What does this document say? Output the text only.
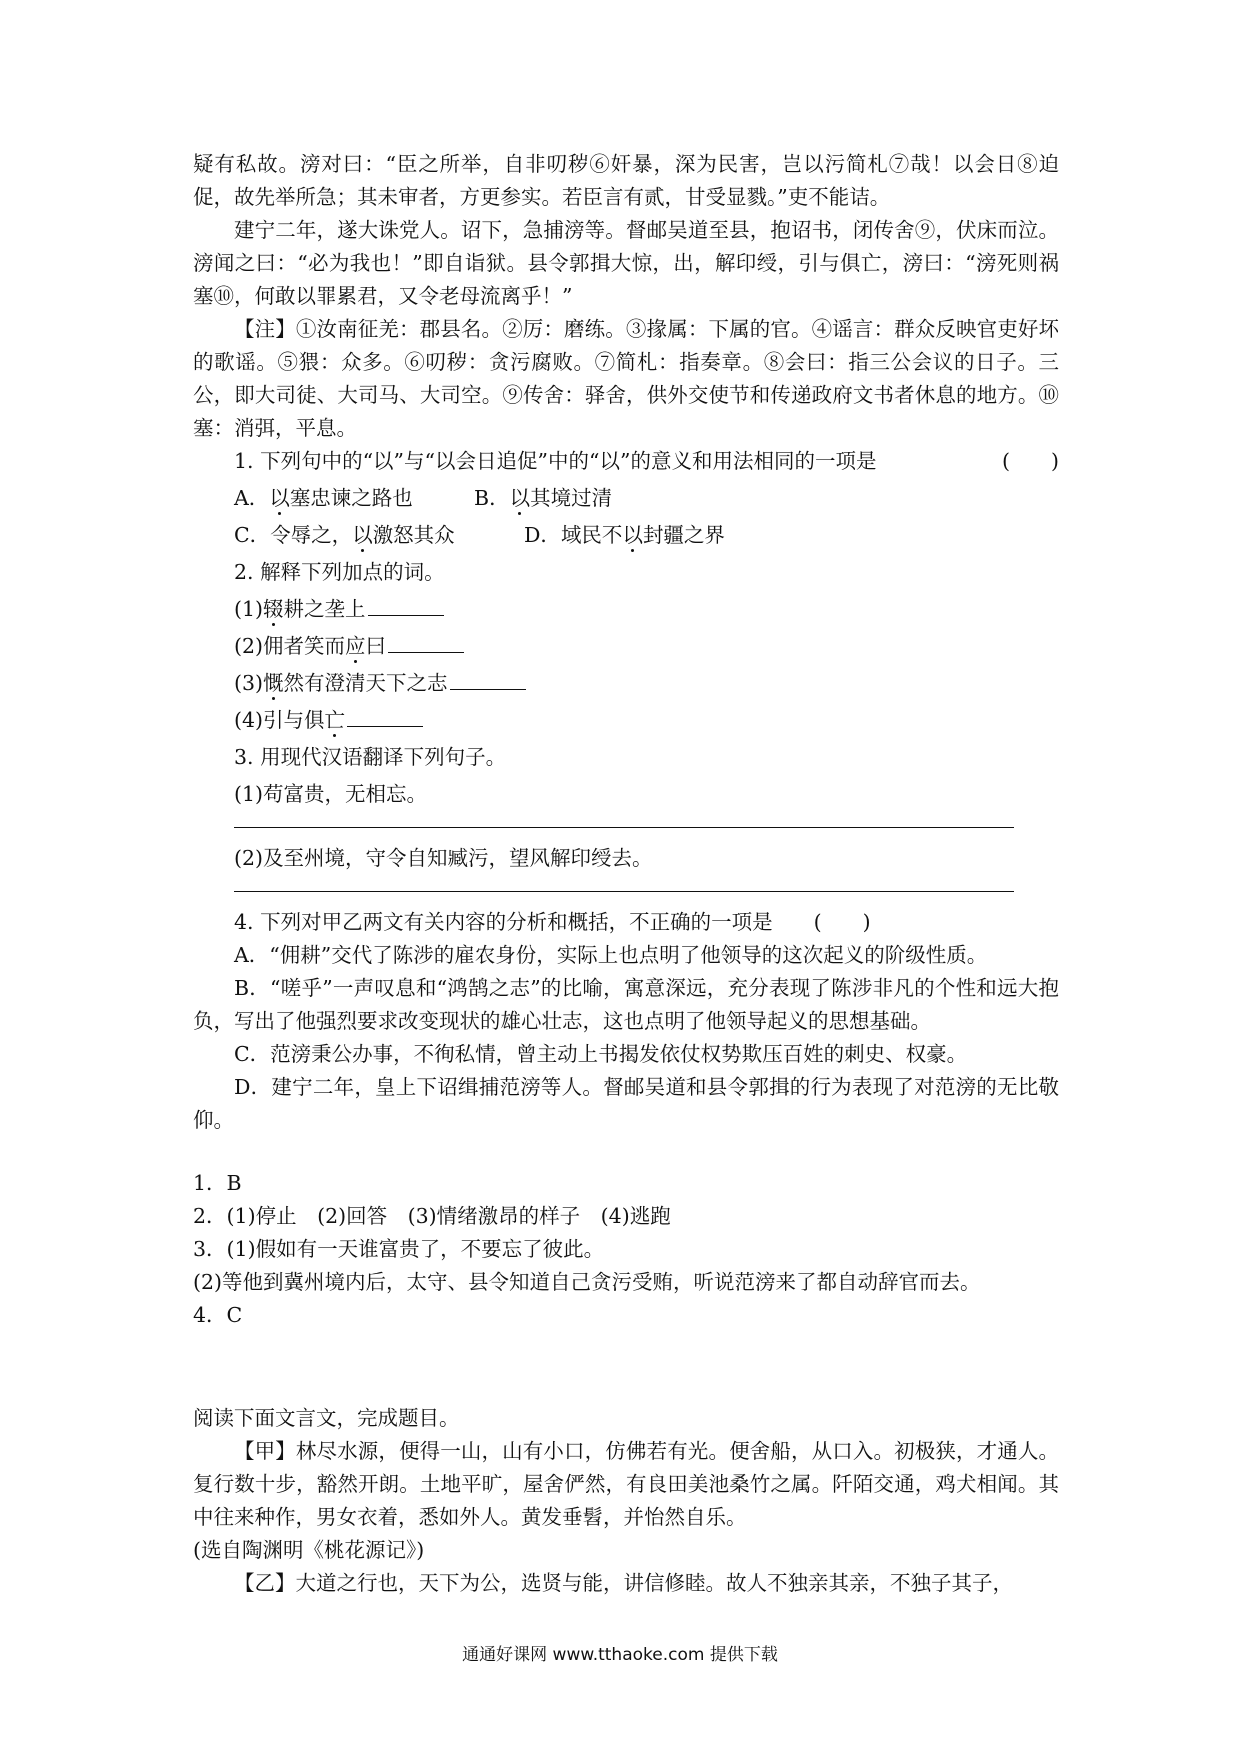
疑有私故。滂对曰：“臣之所举，自非叨秽⑥奸暴，深为民害，岂以污简札⑦哉！以会日⑧迫促，故先举所急；其未审者，方更参实。若臣言有贰，甘受显戮。”吏不能诘。

建宁二年，遂大诛党人。诏下，急捕滂等。督邮吴道至县，抱诏书，闭传舍⑨，伏床而泣。滂闻之曰：“必为我也！”即自诣狱。县令郭揖大惊，出，解印绶，引与俱亡，滂曰：“滂死则祸塞⑩，何敢以罪累君，又令老母流离乎！”

【注】①汝南征羌：郡县名。②厉：磨练。③掾属：下属的官。④谣言：群众反映官吏好坏的歌谣。⑤猥：众多。⑥叨秽：贪污腐败。⑦简札：指奏章。⑧会曰：指三公会议的日子。三公，即大司徒、大司马、大司空。⑨传舍：驿舍，供外交使节和传递政府文书者休息的地方。⑩塞：消弭，平息。

(　　)
1. 下列句中的“以”与“以会日追促”中的“以”的意义和用法相同的一项是

A．以塞忠谏之路也	B．以其境过清
C．令辱之，以激怒其众	D．域民不以封疆之界

2. 解释下列加点的词。

(1)辍耕之垄上

(2)佣者笑而应曰

(3)慨然有澄清天下之志

(4)引与俱亡

3. 用现代汉语翻译下列句子。

(1)苟富贵，无相忘。

(2)及至州境，守令自知臧污，望风解印绶去。

4. 下列对甲乙两文有关内容的分析和概括，不正确的一项是　　 (　　)

A．“佣耕”交代了陈涉的雇农身份，实际上也点明了他领导的这次起义的阶级性质。

B．“嗟乎”一声叹息和“鸿鹄之志”的比喻，寓意深远，充分表现了陈涉非凡的个性和远大抱负，写出了他强烈要求改变现状的雄心壮志，这也点明了他领导起义的思想基础。

C．范滂秉公办事，不徇私情，曾主动上书揭发依仗权势欺压百姓的刺史、权豪。

D．建宁二年，皇上下诏缉捕范滂等人。督邮吴道和县令郭揖的行为表现了对范滂的无比敬仰。

1．B

2．(1)停止　(2)回答　(3)情绪激昂的样子　(4)逃跑

3．(1)假如有一天谁富贵了，不要忘了彼此。

(2)等他到冀州境内后，太守、县令知道自己贪污受贿，听说范滂来了都自动辞官而去。

4．C

阅读下面文言文，完成题目。

【甲】林尽水源，便得一山，山有小口，仿佛若有光。便舍船，从口入。初极狭，才通人。复行数十步，豁然开朗。土地平旷，屋舍俨然，有良田美池桑竹之属。阡陌交通，鸡犬相闻。其中往来种作，男女衣着，悉如外人。黄发垂髫，并怡然自乐。

(选自陶渊明《桃花源记》)

【乙】大道之行也，天下为公，选贤与能，讲信修睦。故人不独亲其亲，不独子其子，

通通好课网 www.tthaoke.com 提供下载
